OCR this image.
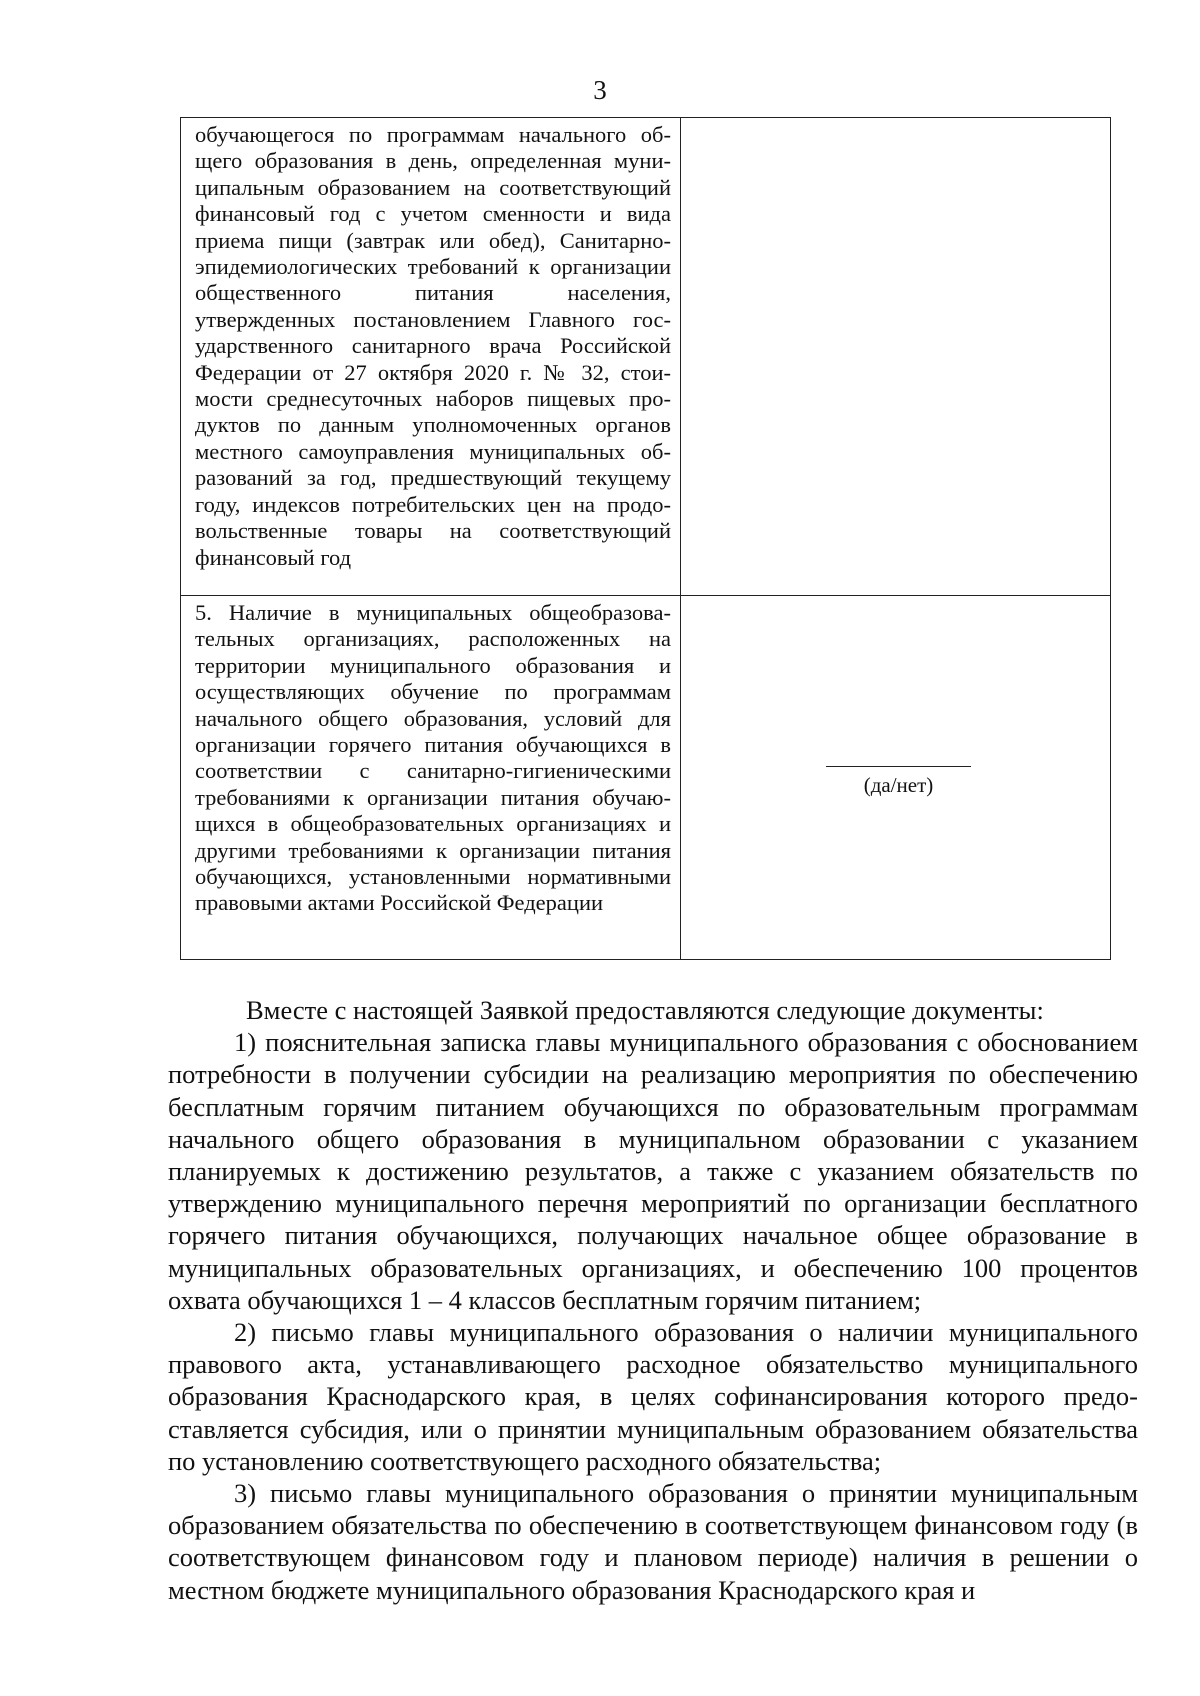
3
обучающегося по программам начального общего образования в день, определенная муниципальным образованием на соответствующий финансовый год с учетом сменности и вида приема пищи (завтрак или обед), Санитарно-эпидемиологических требований к организации общественного питания населения, утвержденных постановлением Главного государственного санитарного врача Российской Федерации от 27 октября 2020 г. № 32, стоимости среднесуточных наборов пищевых продуктов по данным уполномоченных органов местного самоуправления муниципальных образований за год, предшествующий текущему году, индексов потребительских цен на продовольственные товары на соответствующий финансовый год	

5. Наличие в муниципальных общеобразовательных организациях, расположенных на территории муниципального образования и осуществляющих обучение по программам начального общего образования, условий для организации горячего питания обучающихся в соответствии с санитарно-гигиеническими требованиями к организации питания обучающихся в общеобразовательных организациях и другими требованиями к организации питания обучающихся, установленными нормативными правовыми актами Российской Федерации	(да/нет)

Вместе с настоящей Заявкой предоставляются следующие документы:

1) пояснительная записка главы муниципального образования с обоснованием потребности в получении субсидии на реализацию мероприятия по обеспечению бесплатным горячим питанием обучающихся по образовательным программам начального общего образования в муниципальном образовании с указанием планируемых к достижению результатов, а также с указанием обязательств по утверждению муниципального перечня мероприятий по организации бесплатного горячего питания обучающихся, получающих начальное общее образование в муниципальных образовательных организациях, и обеспечению 100 процентов охвата обучающихся 1 – 4 классов бесплатным горячим питанием;

2) письмо главы муниципального образования о наличии муниципального правового акта, устанавливающего расходное обязательство муниципального образования Краснодарского края, в целях софинансирования которого предоставляется субсидия, или о принятии муниципальным образованием обязательства по установлению соответствующего расходного обязательства;

3) письмо главы муниципального образования о принятии муниципальным образованием обязательства по обеспечению в соответствующем финансовом году (в соответствующем финансовом году и плановом периоде) наличия в решении о местном бюджете муниципального образования Краснодарского края и
